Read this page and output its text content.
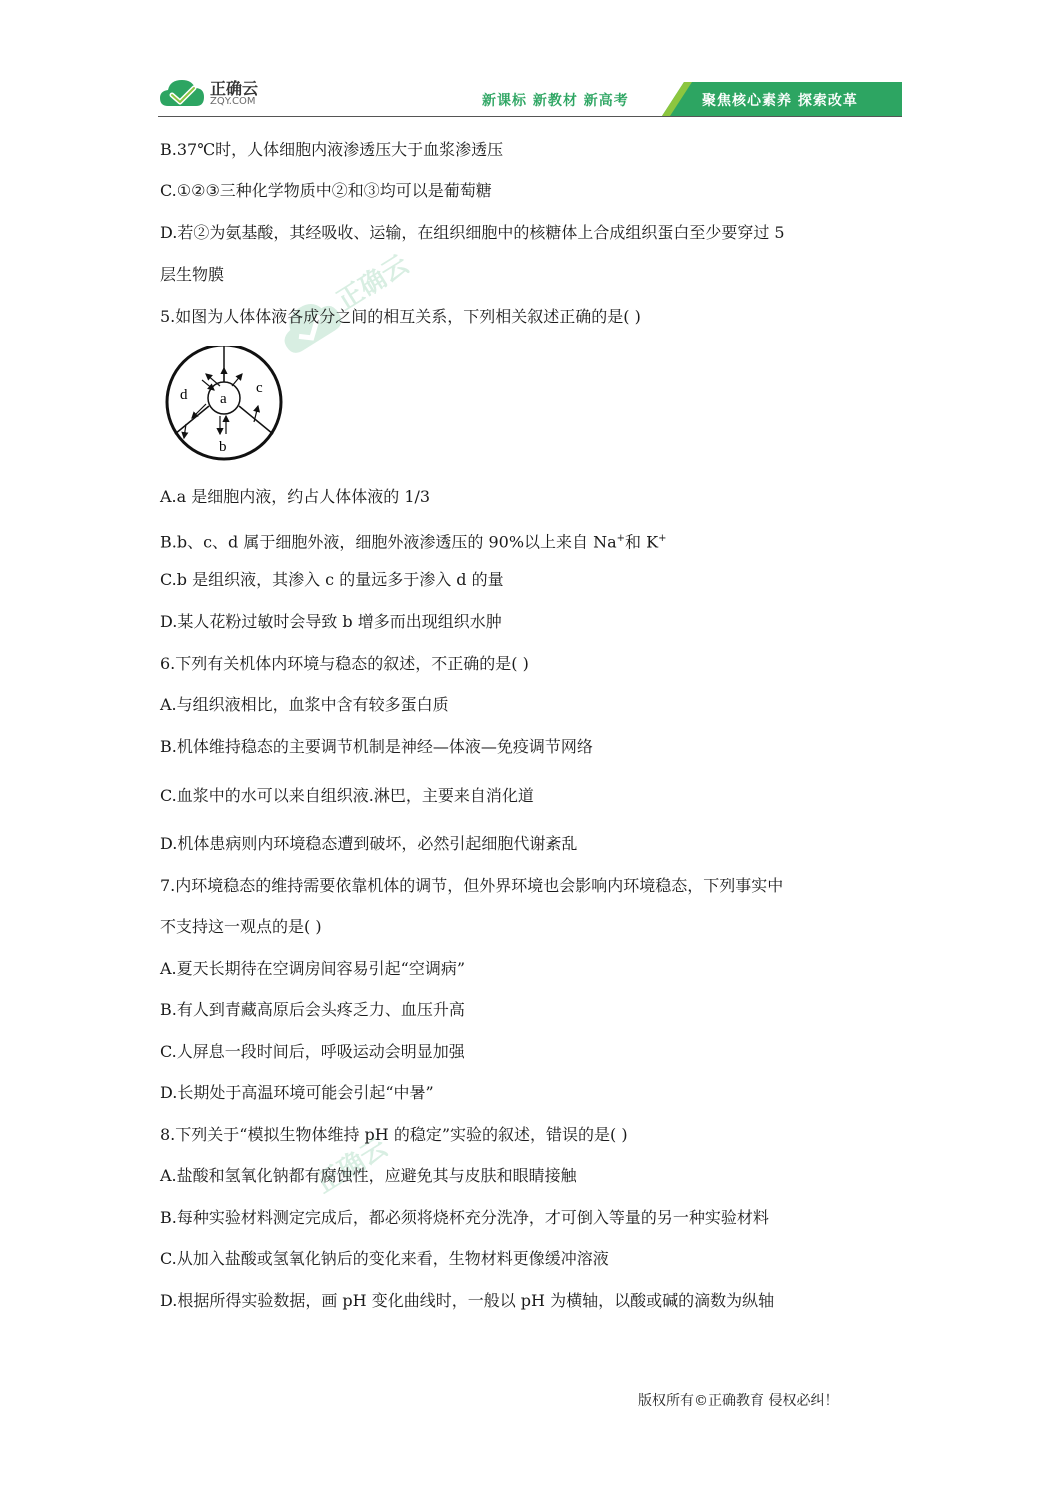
正确云
ZQY.COM	新课标 新教材 新高考	聚焦核心素养 探索改革
正确云
正确云
B.37℃时，人体细胞内液渗透压大于血浆渗透压
C.①②③三种化学物质中②和③均可以是葡萄糖
D.若②为氨基酸，其经吸收、运输，在组织细胞中的核糖体上合成组织蛋白至少要穿过 5
层生物膜
5.如图为人体体液各成分之间的相互关系，下列相关叙述正确的是( )
a
b
c
d
A.a 是细胞内液，约占人体体液的 1/3
B.b、c、d 属于细胞外液，细胞外液渗透压的 90%以上来自 Na+和 K+
C.b 是组织液，其渗入 c 的量远多于渗入 d 的量
D.某人花粉过敏时会导致 b 增多而出现组织水肿
6.下列有关机体内环境与稳态的叙述，不正确的是( )
A.与组织液相比，血浆中含有较多蛋白质
B.机体维持稳态的主要调节机制是神经—体液—免疫调节网络
C.血浆中的水可以来自组织液.淋巴，主要来自消化道
D.机体患病则内环境稳态遭到破坏，必然引起细胞代谢紊乱
7.内环境稳态的维持需要依靠机体的调节，但外界环境也会影响内环境稳态，下列事实中
不支持这一观点的是( )
A.夏天长期待在空调房间容易引起“空调病”
B.有人到青藏高原后会头疼乏力、血压升高
C.人屏息一段时间后，呼吸运动会明显加强
D.长期处于高温环境可能会引起“中暑”
8.下列关于“模拟生物体维持 pH 的稳定”实验的叙述，错误的是( )
A.盐酸和氢氧化钠都有腐蚀性，应避免其与皮肤和眼睛接触
B.每种实验材料测定完成后，都必须将烧杯充分洗净，才可倒入等量的另一种实验材料
C.从加入盐酸或氢氧化钠后的变化来看，生物材料更像缓冲溶液
D.根据所得实验数据，画 pH 变化曲线时，一般以 pH 为横轴，以酸或碱的滴数为纵轴
版权所有©正确教育 侵权必纠！
